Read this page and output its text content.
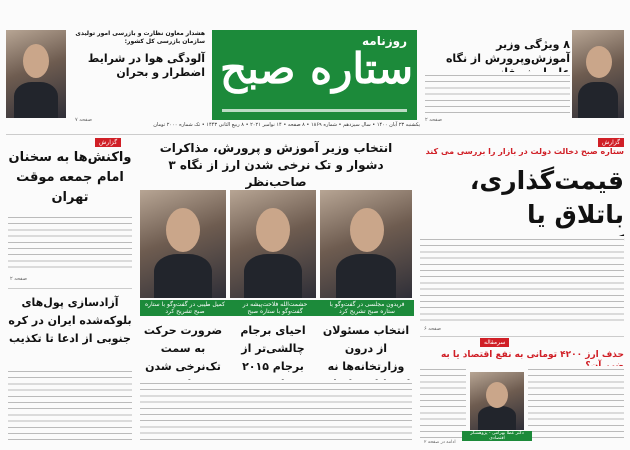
۸ ویژگی وزیر آموزش‌وپرورش از نگاه
صفحه ۲
روزنامه
ستاره صبح
یکشنبه ۲۳ آبان ۱۴۰۰ • سال سیزدهم • شماره ۱۸۶۹ • ۸ صفحه • ۱۴ نوامبر ۲۰۲۱ • ۸ ربیع الثانی ۱۴۴۳ • تک شماره ۲۰۰۰ تومان
هشدار معاون نظارت و بازرسی امور تولیدی
سازمان بازرسی کل کشور:
آلودگی هوا در شرایط اضطرار و بحران
صفحه ۷
گزارش
ستاره صبح دخالت دولت در بازار را بررسی می کند
قیمت‌گذاری، باتلاق یا
صفحه ۶
انتخاب وزیر آموزش و پرورش، مذاکرات دشوار و تک نرخی شدن ارز از نگاه ۳ صاحب‌نظر
فریدون مجلسی در گفت‌وگو با ستاره صبح تشریح کرد
انتخاب مسئولان از درون وزارتخانه‌ها نه
حشمت‌الله فلاحت‌پیشه در گفت‌وگو با ستاره صبح
احیای برجام چالشی‌تر از برجام ۲۰۱۵
کمیل طیبی در گفت‌وگو با ستاره صبح تشریح کرد
ضرورت حرکت به سمت تک‌نرخی شدن
گزارش
واکنش‌ها به سخنان امام جمعه موقت تهران
صفحه ۲
آزادسازی پول‌های بلوکه‌شده ایران در کره جنوبی از ادعا تا تکذیب	سرمقاله
حذف ارز ۴۲۰۰ تومانی به نفع اقتصاد یا به
دکتر عطا بهرامی - پژوهشگر اقتصادی
ادامه در صفحه ۲
